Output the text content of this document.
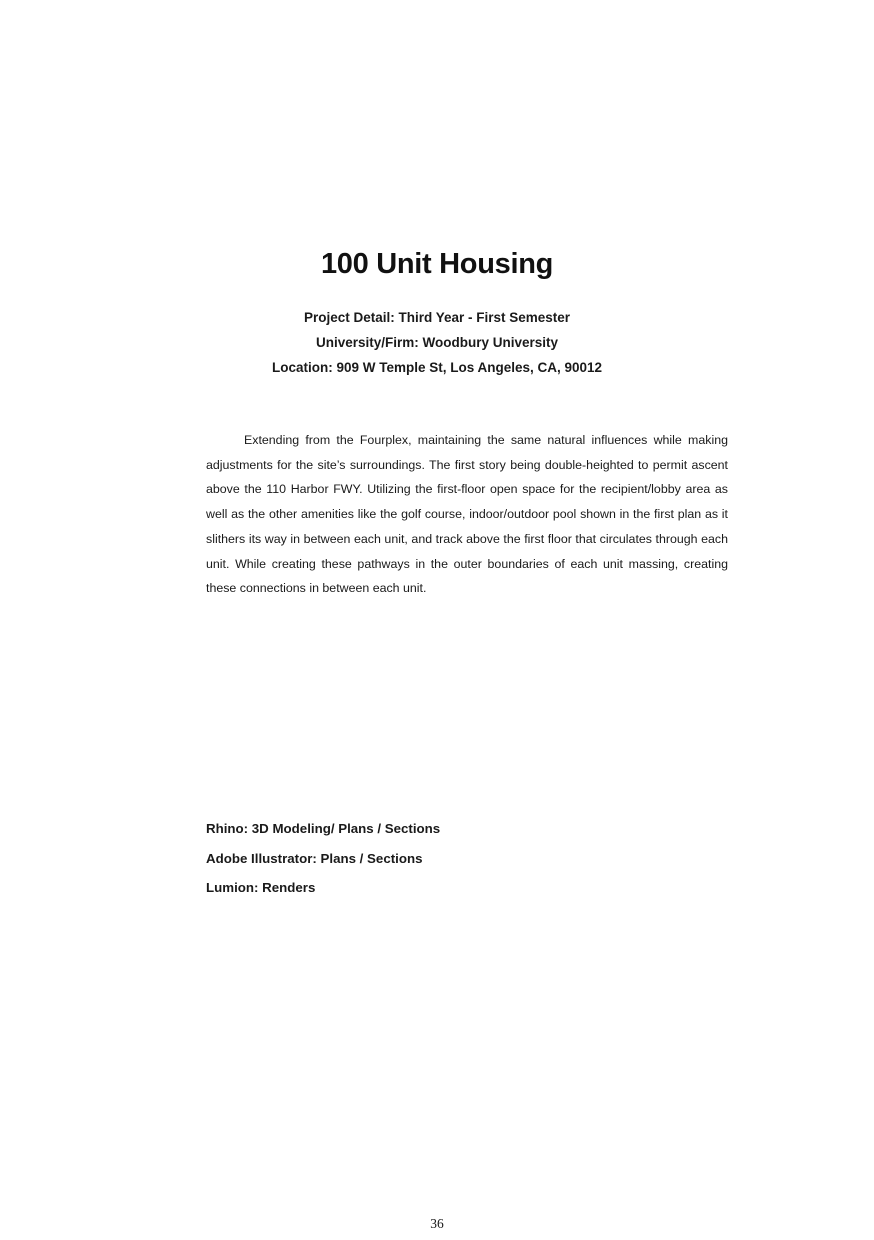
100 Unit Housing
Project Detail: Third Year - First Semester
University/Firm: Woodbury University
Location: 909 W Temple St, Los Angeles, CA, 90012

Extending from the Fourplex, maintaining the same natural influences while making adjustments for the site’s surroundings. The first story being double-heighted to permit ascent above the 110 Harbor FWY. Utilizing the first-floor open space for the recipient/lobby area as well as the other amenities like the golf course, indoor/outdoor pool shown in the first plan as it slithers its way in between each unit, and track above the first floor that circulates through each unit. While creating these pathways in the outer boundaries of each unit massing, creating these connections in between each unit.

Rhino: 3D Modeling/ Plans / Sections
Adobe Illustrator: Plans / Sections
Lumion: Renders
36
